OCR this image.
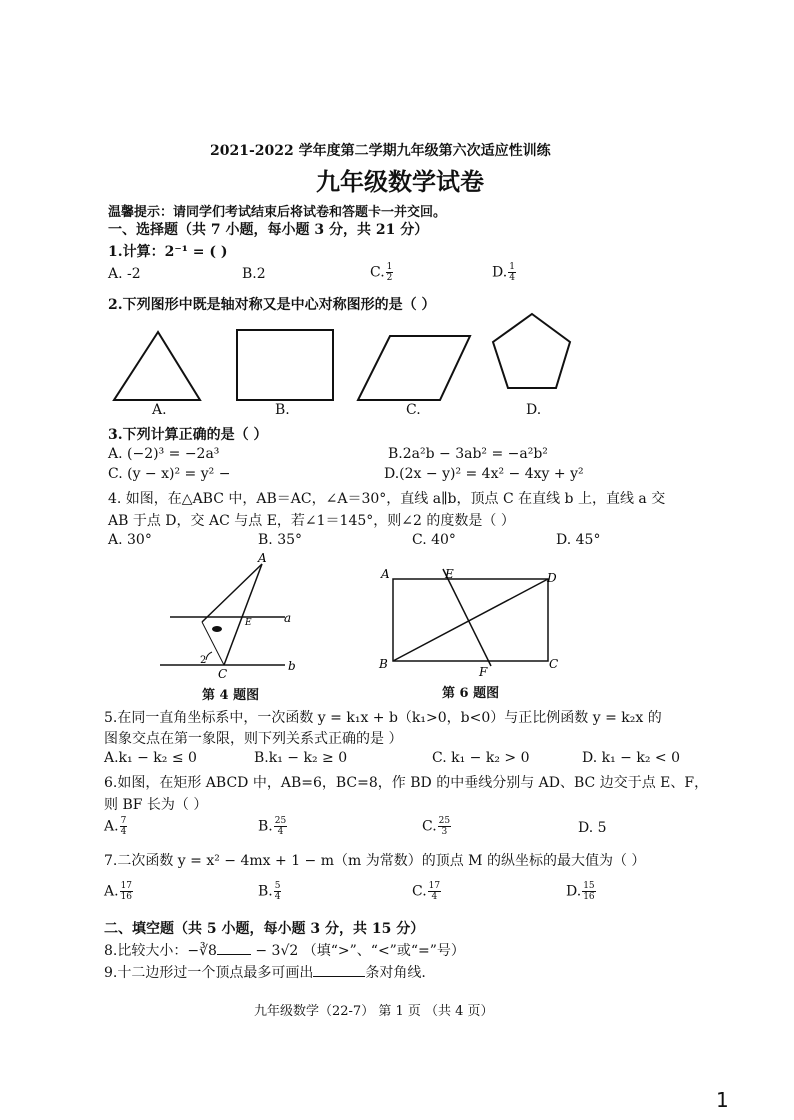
2021-2022 学年度第二学期九年级第六次适应性训练
九年级数学试卷
温馨提示：请同学们考试结束后将试卷和答题卡一并交回。
一、选择题（共 7 小题，每小题 3 分，共 21 分）
1.计算：2⁻¹ = ( )
A. -2	B.2	C. $\frac{1}{2}$	D. $\frac{1}{4}$
2.下列图形中既是轴对称又是中心对称图形的是（ ）
A.	B.	C.	D.
3.下列计算正确的是（ ）
A. (−2)³ = −2a³	B.2a²b − 3ab² = −a²b²
C. (y − x)² = y² −	D.(2x − y)² = 4x² − 4xy + y²
4. 如图，在△ABC 中，AB＝AC，∠A＝30°，直线 a∥b，顶点 C 在直线 b 上，直线 a 交
AB 于点 D，交 AC 与点 E，若∠1＝145°，则∠2 的度数是（ ）
A. 30°	B. 35°	C. 40°	D. 45°
A
E	a
b
2
C
第 4 题图
A	E	D
B
F
C
第 6 题图
5.在同一直角坐标系中，一次函数 y = k₁x + b（k₁>0，b<0）与正比例函数 y = k₂x 的
图象交点在第一象限，则下列关系式正确的是 ）
A.k₁ − k₂ ≤ 0	B.k₁ − k₂ ≥ 0	C. k₁ − k₂ > 0	D. k₁ − k₂ < 0
6.如图，在矩形 ABCD 中，AB=6，BC=8，作 BD 的中垂线分别与 AD、BC 边交于点 E、F，
则 BF 长为（ ）
A. $\frac{7}{4}$	B. $\frac{25}{4}$	C. $\frac{25}{3}$	D. 5
7.二次函数 y = x² − 4mx + 1 − m（m 为常数）的顶点 M 的纵坐标的最大值为（ ）
A. $\frac{17}{16}$	B. $\frac{5}{4}$	C. $\frac{17}{4}$	D. $\frac{15}{16}$
二、填空题（共 5 小题，每小题 3 分，共 15 分）
8.比较大小：−∛8	− 3√2 （填“>”、“<”或“=”号）
9.十二边形过一个顶点最多可画出	条对角线.
九年级数学（22-7） 第 1 页 （共 4 页）
1
